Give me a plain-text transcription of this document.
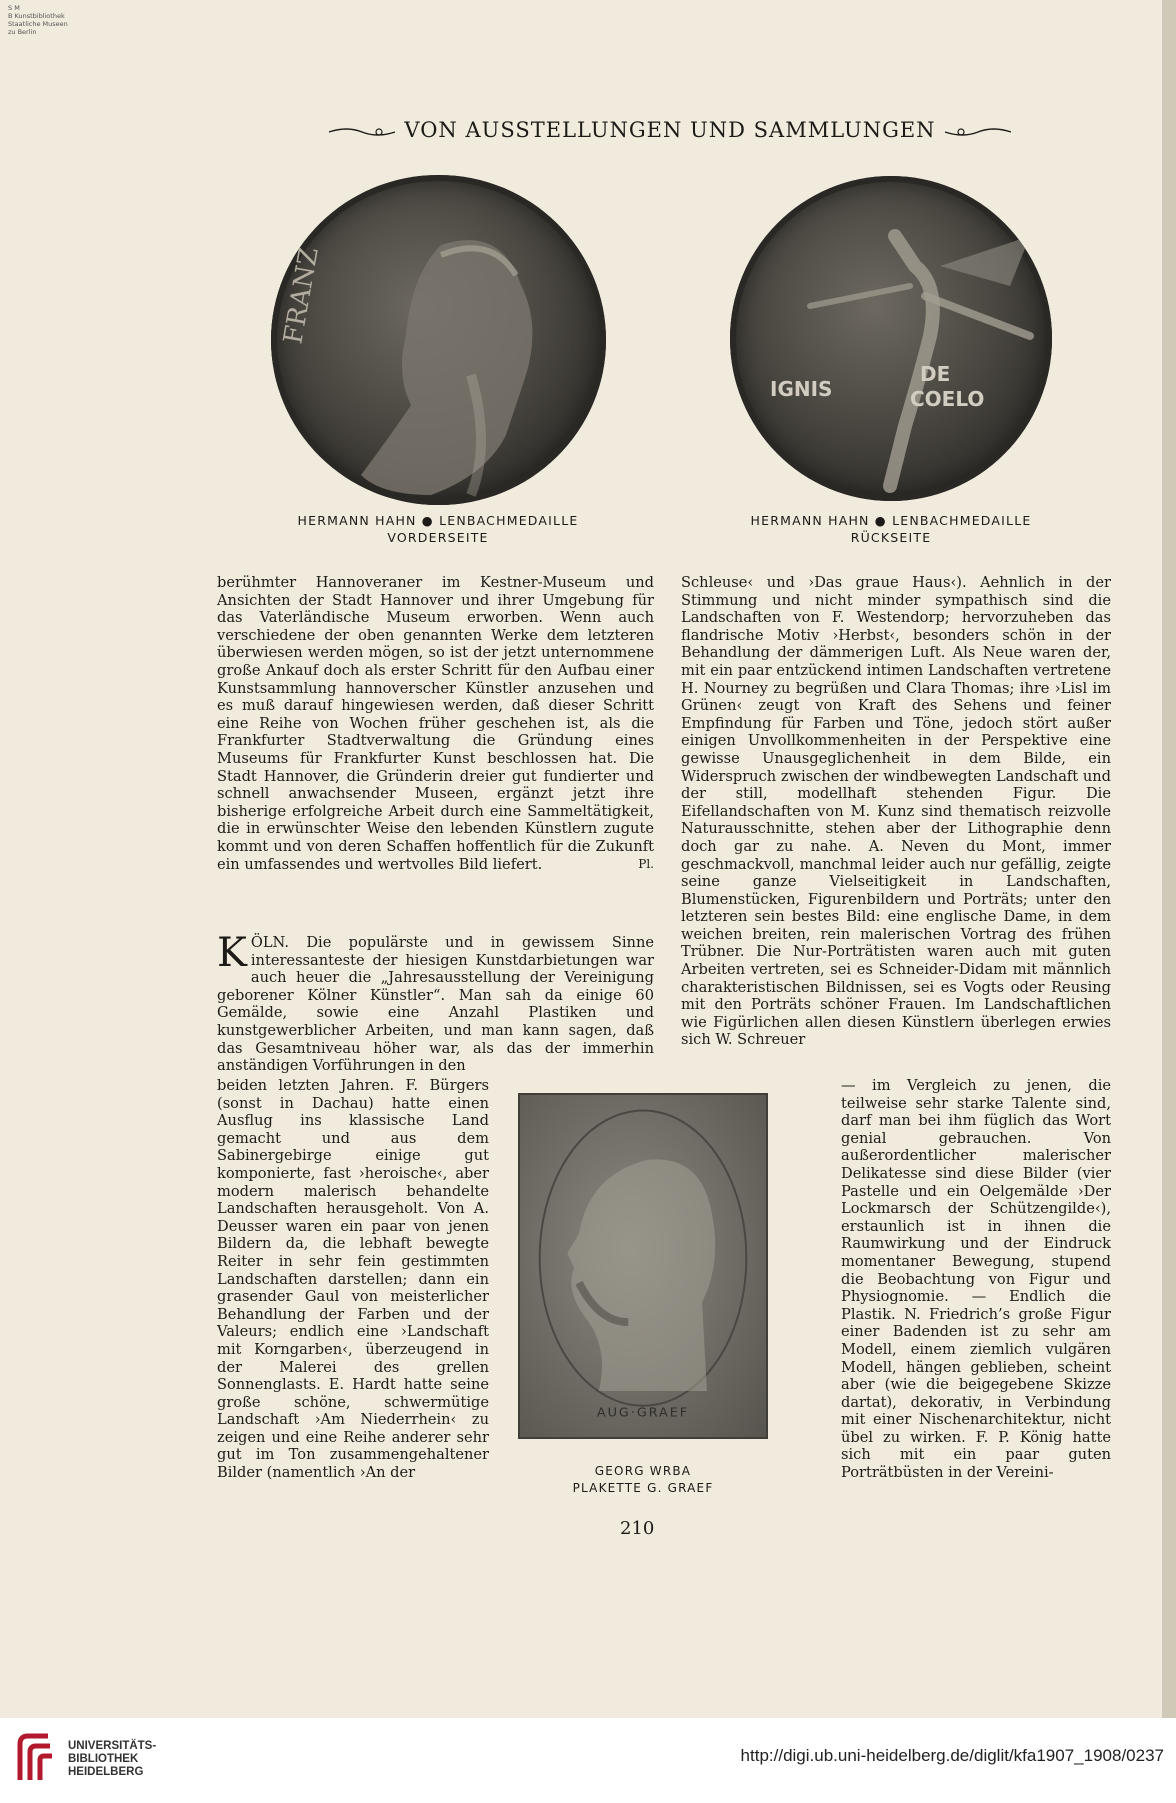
S M
B Kunstbibliothek
Staatliche Museen
zu Berlin
VON AUSSTELLUNGEN UND SAMMLUNGEN
FRANZ
HERMANN HAHN ● LENBACHMEDAILLE
VORDERSEITE
IGNIS
DE
COELO
HERMANN HAHN ● LENBACHMEDAILLE
RÜCKSEITE

berühmter Hannoveraner im Kestner-Museum und Ansichten der Stadt Hannover und ihrer Umgebung für das Vaterländische Museum erworben. Wenn auch verschiedene der oben genannten Werke dem letzteren überwiesen werden mögen, so ist der jetzt unternommene große Ankauf doch als erster Schritt für den Aufbau einer Kunstsammlung hannoverscher Künstler anzusehen und es muß darauf hingewiesen werden, daß dieser Schritt eine Reihe von Wochen früher geschehen ist, als die Frankfurter Stadtverwaltung die Gründung eines Museums für Frankfurter Kunst beschlossen hat. Die Stadt Hannover, die Gründerin dreier gut fundierter und schnell anwachsender Museen, ergänzt jetzt ihre bisherige erfolgreiche Arbeit durch eine Sammeltätigkeit, die in erwünschter Weise den lebenden Künstlern zugute kommt und von deren Schaffen hoffentlich für die Zukunft ein umfassendes und wertvolles Bild liefert.	Pl.

K ÖLN. Die populärste und in gewissem Sinne interessanteste der hiesigen Kunstdarbietungen war auch heuer die „Jahresausstellung der Vereinigung geborener Kölner Künstler“. Man sah da einige 60 Gemälde, sowie eine Anzahl Plastiken und kunstgewerblicher Arbeiten, und man kann sagen, daß das Gesamtniveau höher war, als das der immerhin anständigen Vorführungen in den

beiden letzten Jahren. F. Bürgers (sonst in Dachau) hatte einen Ausflug ins klassische Land gemacht und aus dem Sabinergebirge einige gut komponierte, fast ›heroische‹, aber modern malerisch behandelte Landschaften herausgeholt. Von A. Deusser waren ein paar von jenen Bildern da, die lebhaft bewegte Reiter in sehr fein gestimmten Landschaften darstellen; dann ein grasender Gaul von meisterlicher Behandlung der Farben und der Valeurs; endlich eine ›Landschaft mit Korngarben‹, überzeugend in der Malerei des grellen Sonnenglasts. E. Hardt hatte seine große schöne, schwermütige Landschaft ›Am Niederrhein‹ zu zeigen und eine Reihe anderer sehr gut im Ton zusammengehaltener Bilder (namentlich ›An der

AUG·GRAEF
GEORG WRBA
PLAKETTE G. GRAEF

Schleuse‹ und ›Das graue Haus‹). Aehnlich in der Stimmung und nicht minder sympathisch sind die Landschaften von F. Westendorp; hervorzuheben das flandrische Motiv ›Herbst‹, besonders schön in der Behandlung der dämmerigen Luft. Als Neue waren der, mit ein paar entzückend intimen Landschaften vertretene H. Nourney zu begrüßen und Clara Thomas; ihre ›Lisl im Grünen‹ zeugt von Kraft des Sehens und feiner Empfindung für Farben und Töne, jedoch stört außer einigen Unvollkommenheiten in der Perspektive eine gewisse Unausgeglichenheit in dem Bilde, ein Widerspruch zwischen der windbewegten Landschaft und der still, modellhaft stehenden Figur. Die Eifellandschaften von M. Kunz sind thematisch reizvolle Naturausschnitte, stehen aber der Lithographie denn doch gar zu nahe. A. Neven du Mont, immer geschmackvoll, manchmal leider auch nur gefällig, zeigte seine ganze Vielseitigkeit in Landschaften, Blumenstücken, Figurenbildern und Porträts; unter den letzteren sein bestes Bild: eine englische Dame, in dem weichen breiten, rein malerischen Vortrag des frühen Trübner. Die Nur-Porträtisten waren auch mit guten Arbeiten vertreten, sei es Schneider-Didam mit männlich charakteristischen Bildnissen, sei es Vogts oder Reusing mit den Porträts schöner Frauen. Im Landschaftlichen wie Figürlichen allen diesen Künstlern überlegen erwies sich W. Schreuer

— im Vergleich zu jenen, die teilweise sehr starke Talente sind, darf man bei ihm füglich das Wort genial gebrauchen. Von außerordentlicher malerischer Delikatesse sind diese Bilder (vier Pastelle und ein Oelgemälde ›Der Lockmarsch der Schützengilde‹), erstaunlich ist in ihnen die Raumwirkung und der Eindruck momentaner Bewegung, stupend die Beobachtung von Figur und Physiognomie. — Endlich die Plastik. N. Friedrich’s große Figur einer Badenden ist zu sehr am Modell, einem ziemlich vulgären Modell, hängen geblieben, scheint aber (wie die beigegebene Skizze dartat), dekorativ, in Verbindung mit einer Nischenarchitektur, nicht übel zu wirken. F. P. König hatte sich mit ein paar guten Porträtbüsten in der Vereini-

210
UNIVERSITÄTS-
BIBLIOTHEK
HEIDELBERG
http://digi.ub.uni-heidelberg.de/diglit/kfa1907_1908/0237
